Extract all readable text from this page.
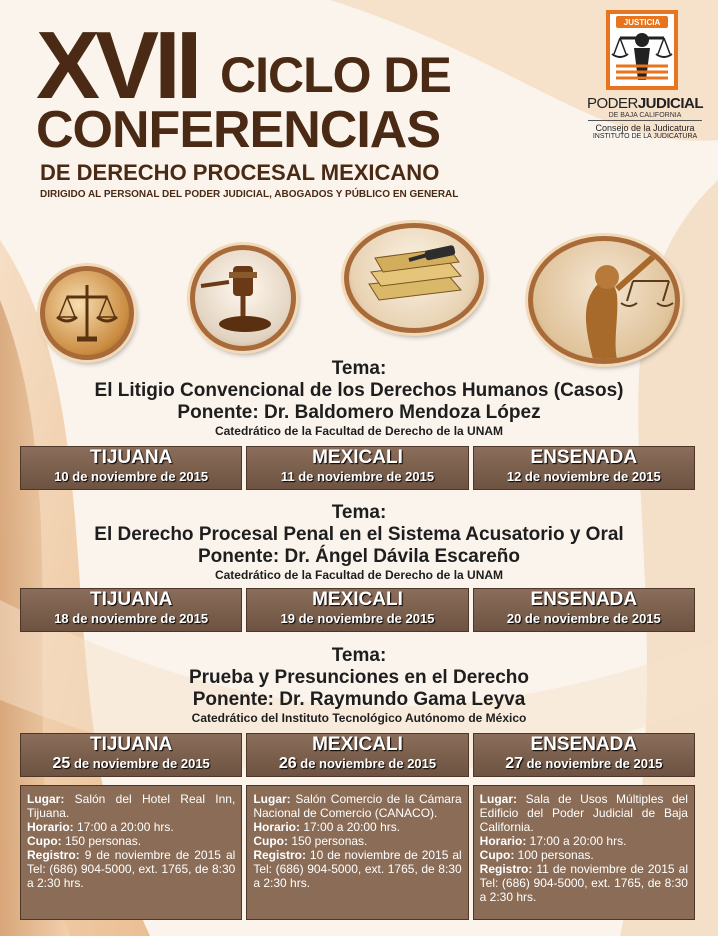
XVII CICLO DE
CONFERENCIAS
DE DERECHO PROCESAL MEXICANO
DIRIGIDO AL PERSONAL DEL PODER JUDICIAL, ABOGADOS Y PÚBLICO EN GENERAL
JUSTICIA
PODERJUDICIAL
DE BAJA CALIFORNIA
Consejo de la Judicatura
INSTITUTO DE LA JUDICATURA
Tema:
El Litigio Convencional de los Derechos Humanos (Casos)
Ponente: Dr. Baldomero Mendoza López
Catedrático de la Facultad de Derecho de la UNAM
TIJUANA
10 de noviembre de 2015
MEXICALI
11 de noviembre de 2015
ENSENADA
12 de noviembre de 2015
Tema:
El Derecho Procesal Penal en el Sistema Acusatorio y Oral
Ponente: Dr. Ángel Dávila Escareño
Catedrático de la Facultad de Derecho de la UNAM
TIJUANA
18 de noviembre de 2015
MEXICALI
19 de noviembre de 2015
ENSENADA
20 de noviembre de 2015
Tema:
Prueba y Presunciones en el Derecho
Ponente: Dr. Raymundo Gama Leyva
Catedrático del Instituto Tecnológico Autónomo de México
TIJUANA
25 de noviembre de 2015
MEXICALI
26 de noviembre de 2015
ENSENADA
27 de noviembre de 2015
Lugar: Salón del Hotel Real Inn, Tijuana.
Horario: 17:00 a 20:00 hrs.
Cupo: 150 personas.
Registro: 9 de noviembre de 2015 al Tel: (686) 904-5000, ext. 1765, de 8:30 a 2:30 hrs.
Lugar: Salón Comercio de la Cámara Nacional de Comercio (CANACO).
Horario: 17:00 a 20:00 hrs.
Cupo: 150 personas.
Registro: 10 de noviembre de 2015 al Tel: (686) 904-5000, ext. 1765, de 8:30 a 2:30 hrs.
Lugar: Sala de Usos Múltiples del Edificio del Poder Judicial de Baja California.
Horario: 17:00 a 20:00 hrs.
Cupo: 100 personas.
Registro: 11 de noviembre de 2015 al Tel: (686) 904-5000, ext. 1765, de 8:30 a 2:30 hrs.
